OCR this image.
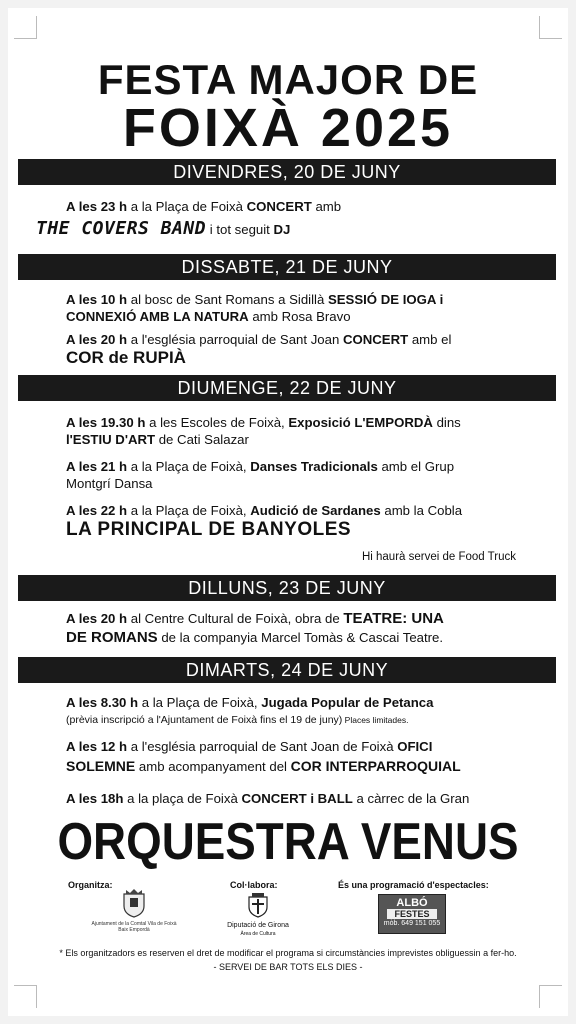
FESTA MAJOR DE
FOIXÀ 2025
DIVENDRES, 20 DE JUNY
A les 23 h a la Plaça de Foixà CONCERT amb
THE COVERS BAND i tot seguit DJ
DISSABTE, 21 DE JUNY
A les 10 h al bosc de Sant Romans a Sidillà SESSIÓ DE IOGA i
CONNEXIÓ AMB LA NATURA amb Rosa Bravo
A les 20 h a l'església parroquial de Sant Joan CONCERT amb el
COR de RUPIÀ
DIUMENGE, 22 DE JUNY
A les 19.30 h a les Escoles de Foixà, Exposició L'EMPORDÀ dins
l'ESTIU D'ART de Cati Salazar
A les 21 h a la Plaça de Foixà, Danses Tradicionals amb el Grup
Montgrí Dansa
A les 22 h a la Plaça de Foixà, Audició de Sardanes amb la Cobla
LA PRINCIPAL DE BANYOLES
Hi haurà servei de Food Truck
DILLUNS, 23 DE JUNY
A les 20 h al Centre Cultural de Foixà, obra de TEATRE: UNA
DE ROMANS de la companyia Marcel Tomàs & Cascai Teatre.
DIMARTS, 24 DE JUNY
A les 8.30 h a la Plaça de Foixà, Jugada Popular de Petanca
(prèvia inscripció a l'Ajuntament de Foixà fins el 19 de juny) Places limitades.
A les 12 h a l'església parroquial de Sant Joan de Foixà OFICI
SOLEMNE amb acompanyament del COR INTERPARROQUIAL
A les 18h a la plaça de Foixà CONCERT i BALL a càrrec de la Gran
ORQUESTRA VENUS
Organitza:	Col·labora:	És una programació d'espectacles:
Ajuntament de la Comtal Vila de Foixà
Baix Empordà
Diputació de Girona
Àrea de Cultura
ALBÓ
FESTES
mòb. 649 151 055
* Els organitzadors es reserven el dret de modificar el programa si circumstàncies imprevistes obliguessin a fer-ho.
- SERVEI DE BAR TOTS ELS DIES -
